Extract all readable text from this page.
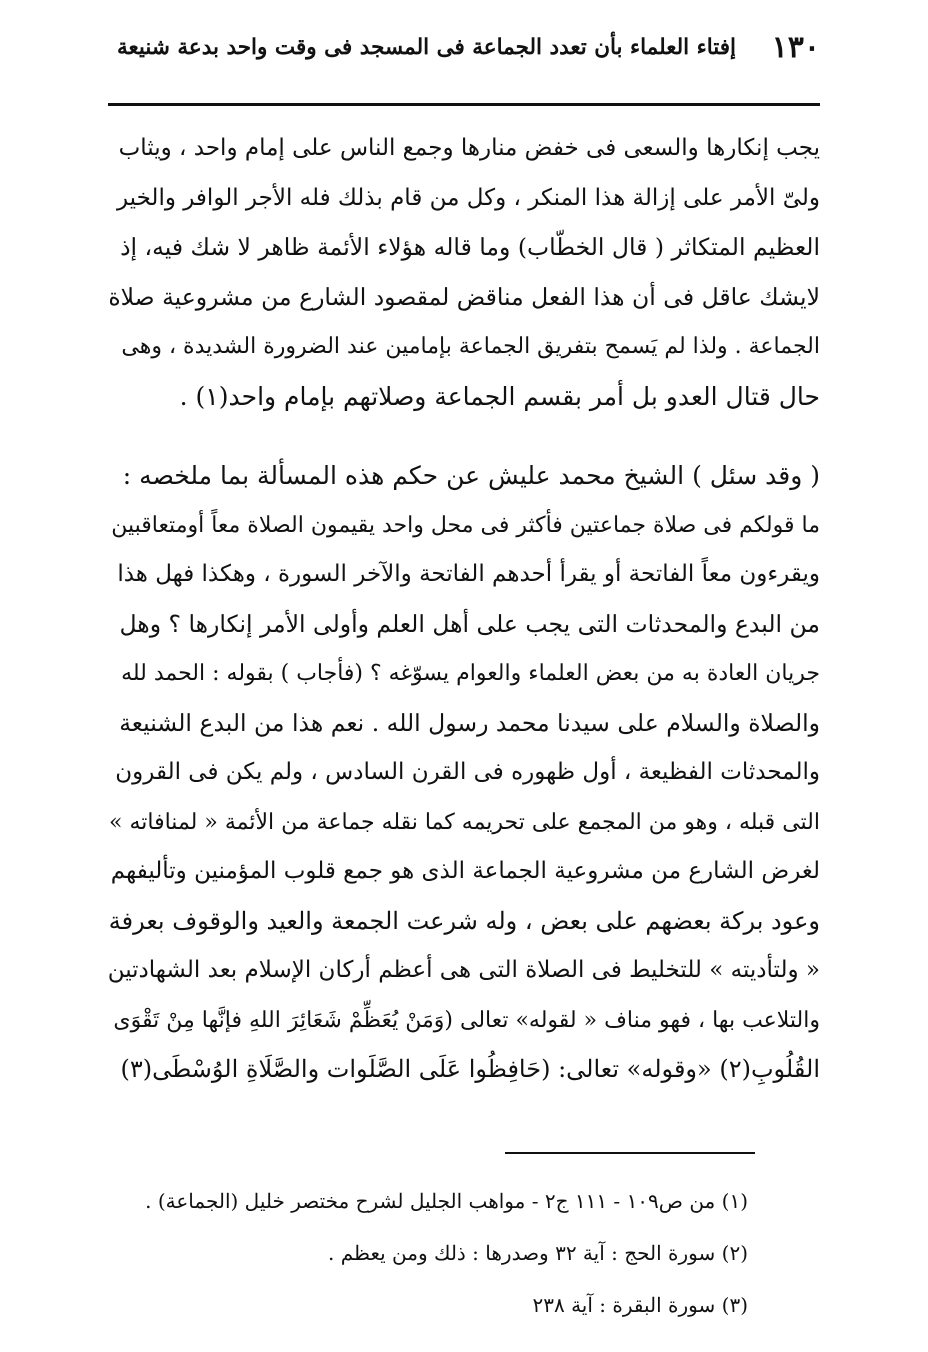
١٣٠
إفتاء العلماء بأن تعدد الجماعة فى المسجد فى وقت واحد بدعة شنيعة
يجب إنكارها والسعى فى خفض منارها وجمع الناس على إمام واحد ، ويثاب
ولىّ الأمر على إزالة هذا المنكر ، وكل من قام بذلك فله الأجر الوافر والخير
العظيم المتكاثر ( قال الخطّاب) وما قاله هؤلاء الأئمة ظاهر لا شك فيه، إذ
لايشك عاقل فى أن هذا الفعل مناقض لمقصود الشارع من مشروعية صلاة
الجماعة . ولذا لم يَسمح بتفريق الجماعة بإمامين عند الضرورة الشديدة ، وهى
حال قتال العدو بل أمر بقسم الجماعة وصلاتهم بإمام واحد(١) .
( وقد سئل ) الشيخ محمد عليش عن حكم هذه المسألة بما ملخصه :
ما قولكم فى صلاة جماعتين فأكثر فى محل واحد يقيمون الصلاة معاً أومتعاقبين
ويقرءون معاً الفاتحة أو يقرأ أحدهم الفاتحة والآخر السورة ، وهكذا فهل هذا
من البدع والمحدثات التى يجب على أهل العلم وأولى الأمر إنكارها ؟ وهل
جريان العادة به من بعض العلماء والعوام يسوّغه ؟ (فأجاب ) بقوله : الحمد لله
والصلاة والسلام على سيدنا محمد رسول الله . نعم هذا من البدع الشنيعة
والمحدثات الفظيعة ، أول ظهوره فى القرن السادس ، ولم يكن فى القرون
التى قبله ، وهو من المجمع على تحريمه كما نقله جماعة من الأئمة « لمنافاته »
لغرض الشارع من مشروعية الجماعة الذى هو جمع قلوب المؤمنين وتأليفهم
وعود بركة بعضهم على بعض ، وله شرعت الجمعة والعيد والوقوف بعرفة
« ولتأديته » للتخليط فى الصلاة التى هى أعظم أركان الإسلام بعد الشهادتين
والتلاعب بها ، فهو مناف « لقوله» تعالى (وَمَنْ يُعَظِّمْ شَعَائِرَ اللهِ فإنَّها مِنْ تَقْوَى
القُلُوبِ(٢) «وقوله» تعالى: (حَافِظُوا عَلَى الصَّلَوات والصَّلَاةِ الوُسْطَى(٣)
(١) من ص١٠٩ - ١١١ ج٢ - مواهب الجليل لشرح مختصر خليل (الجماعة) .
(٢) سورة الحج : آية ٣٢ وصدرها : ذلك ومن يعظم .
(٣) سورة البقرة : آية ٢٣٨
